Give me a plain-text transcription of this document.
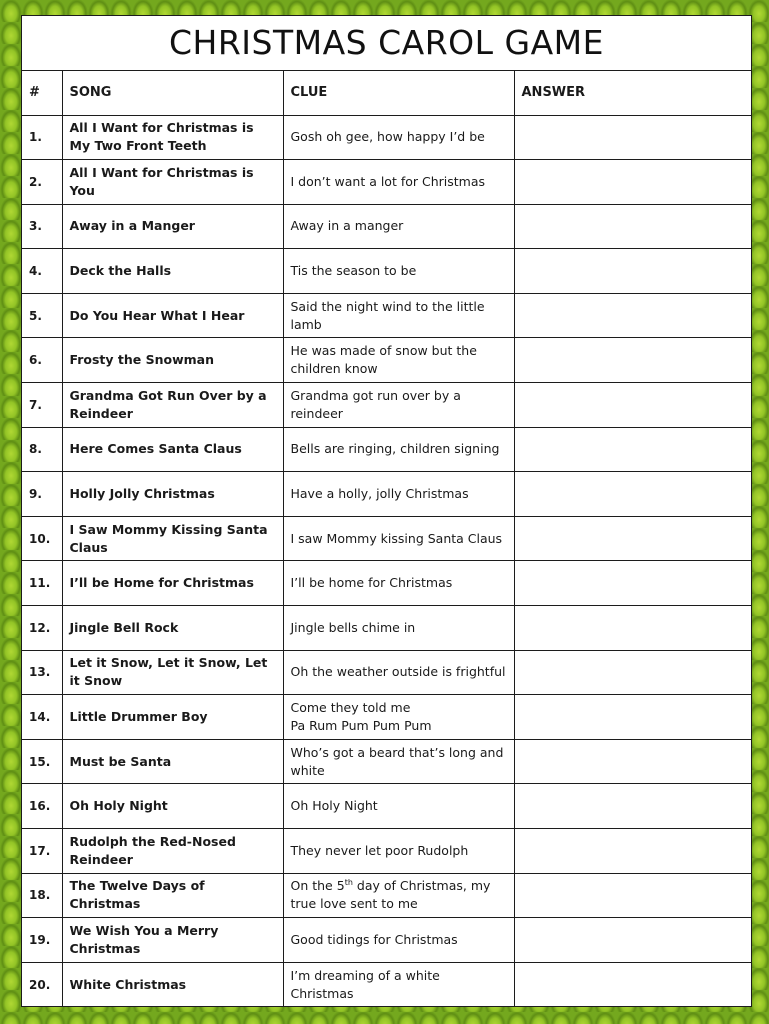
CHRISTMAS CAROL GAME
#	SONG	CLUE	ANSWER
1.	All I Want for Christmas is My Two Front Teeth	Gosh oh gee, how happy I’d be	
2.	All I Want for Christmas is You	I don’t want a lot for Christmas	
3.	Away in a Manger	Away in a manger	
4.	Deck the Halls	Tis the season to be	
5.	Do You Hear What I Hear	Said the night wind to the little lamb	
6.	Frosty the Snowman	He was made of snow but the children know	
7.	Grandma Got Run Over by a Reindeer	Grandma got run over by a reindeer	
8.	Here Comes Santa Claus	Bells are ringing, children signing	
9.	Holly Jolly Christmas	Have a holly, jolly Christmas	
10.	I Saw Mommy Kissing Santa Claus	I saw Mommy kissing Santa Claus	
11.	I’ll be Home for Christmas	I’ll be home for Christmas	
12.	Jingle Bell Rock	Jingle bells chime in	
13.	Let it Snow, Let it Snow, Let it Snow	Oh the weather outside is frightful	
14.	Little Drummer Boy	Come they told me
Pa Rum Pum Pum Pum	
15.	Must be Santa	Who’s got a beard that’s long and white	
16.	Oh Holy Night	Oh Holy Night	
17.	Rudolph the Red-Nosed Reindeer	They never let poor Rudolph	
18.	The Twelve Days of Christmas	On the 5th day of Christmas, my true love sent to me	
19.	We Wish You a Merry Christmas	Good tidings for Christmas	
20.	White Christmas	I’m dreaming of a white Christmas	
